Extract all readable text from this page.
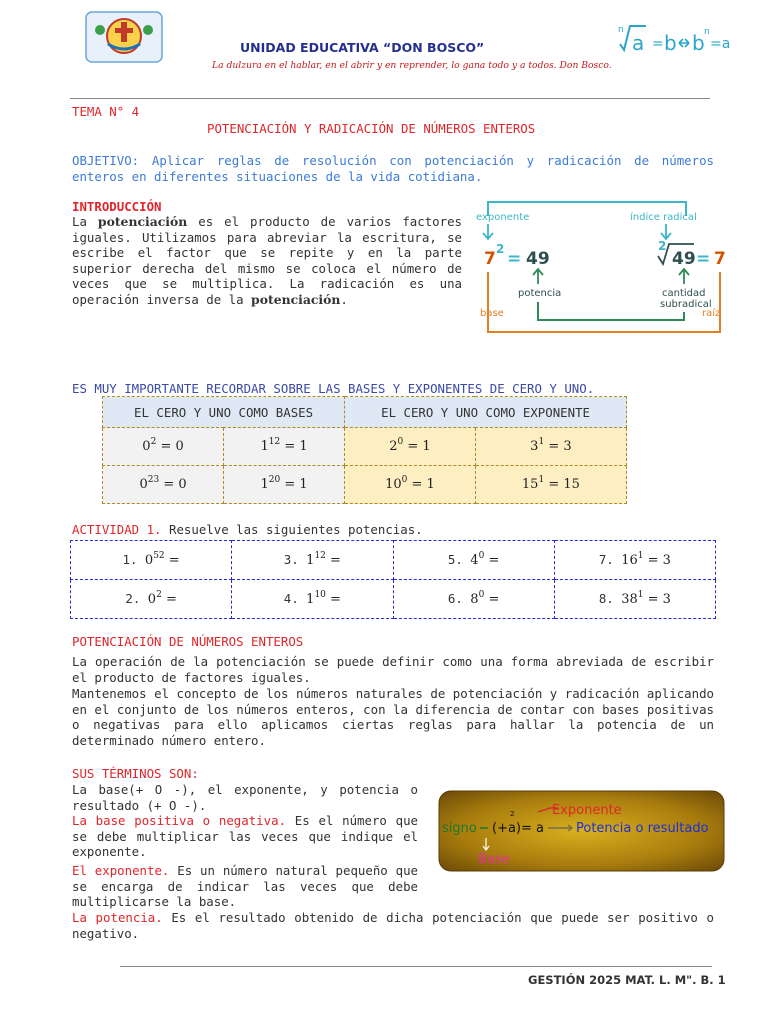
UNIDAD EDUCATIVA “DON BOSCO”
La dulzura en el hablar, en el abrir y en reprender, lo gana todo y a todos. Don Bosco.
n
a = b b n
=a
TEMA N° 4
POTENCIACIÓN Y RADICACIÓN DE NÚMEROS ENTEROS
OBJETIVO: Aplicar reglas de resolución con potenciación y radicación de números enteros en diferentes situaciones de la vida cotidiana.
INTRODUCCIÓN
La potenciación es el producto de varios factores iguales. Utilizamos para abreviar la escritura, se escribe el factor que se repite y en la parte superior derecha del mismo se coloca el número de veces que se multiplica. La radicación es una operación inversa de la potenciación.
exponente	índice radical
7 2 = 49
2
49 = 7
potencia	cantidad
subradical
base	raíz
ES MUY IMPORTANTE RECORDAR SOBRE LAS BASES Y EXPONENTES DE CERO Y UNO.
EL CERO Y UNO COMO BASES		EL CERO Y UNO COMO EXPONENTE	
$0^2 = 0$	$1^{12} = 1$	$2^0 = 1$	$3^1 = 3$
$0^{23} = 0$	$1^{20} = 1$	$10^0 = 1$	$15^1 = 15$
ACTIVIDAD 1. Resuelve las siguientes potencias.
1. $0^{52}$ =	3. $1^{12}$ =	5. $4^0$ =	7. $16^1 = 3$
2. $0^2$ =	4. $1^{10}$ =	6. $8^0$ =	8. $38^1 = 3$
POTENCIACIÓN DE NÚMEROS ENTEROS
La operación de la potenciación se puede definir como una forma abreviada de escribir el producto de factores iguales.
Mantenemos el concepto de los números naturales de potenciación y radicación aplicando en el conjunto de los números enteros, con la diferencia de contar con bases positivas o negativas para ello aplicamos ciertas reglas para hallar la potencia de un determinado número entero.
SUS TÉRMINOS SON:
La base(+ O -), el exponente, y potencia o resultado (+ O -).
La base positiva o negativa. Es el número que se debe multiplicar las veces que indique el exponente.
El exponente. Es un número natural pequeño que se encarga de indicar las veces que debe multiplicarse la base.
La potencia. Es el resultado obtenido de dicha potenciación que puede ser positivo o negativo.
signo (+a)= a
2	Exponente
Potencia o resultado
Base
GESTIÓN 2025 MAT. L. M". B. 1
